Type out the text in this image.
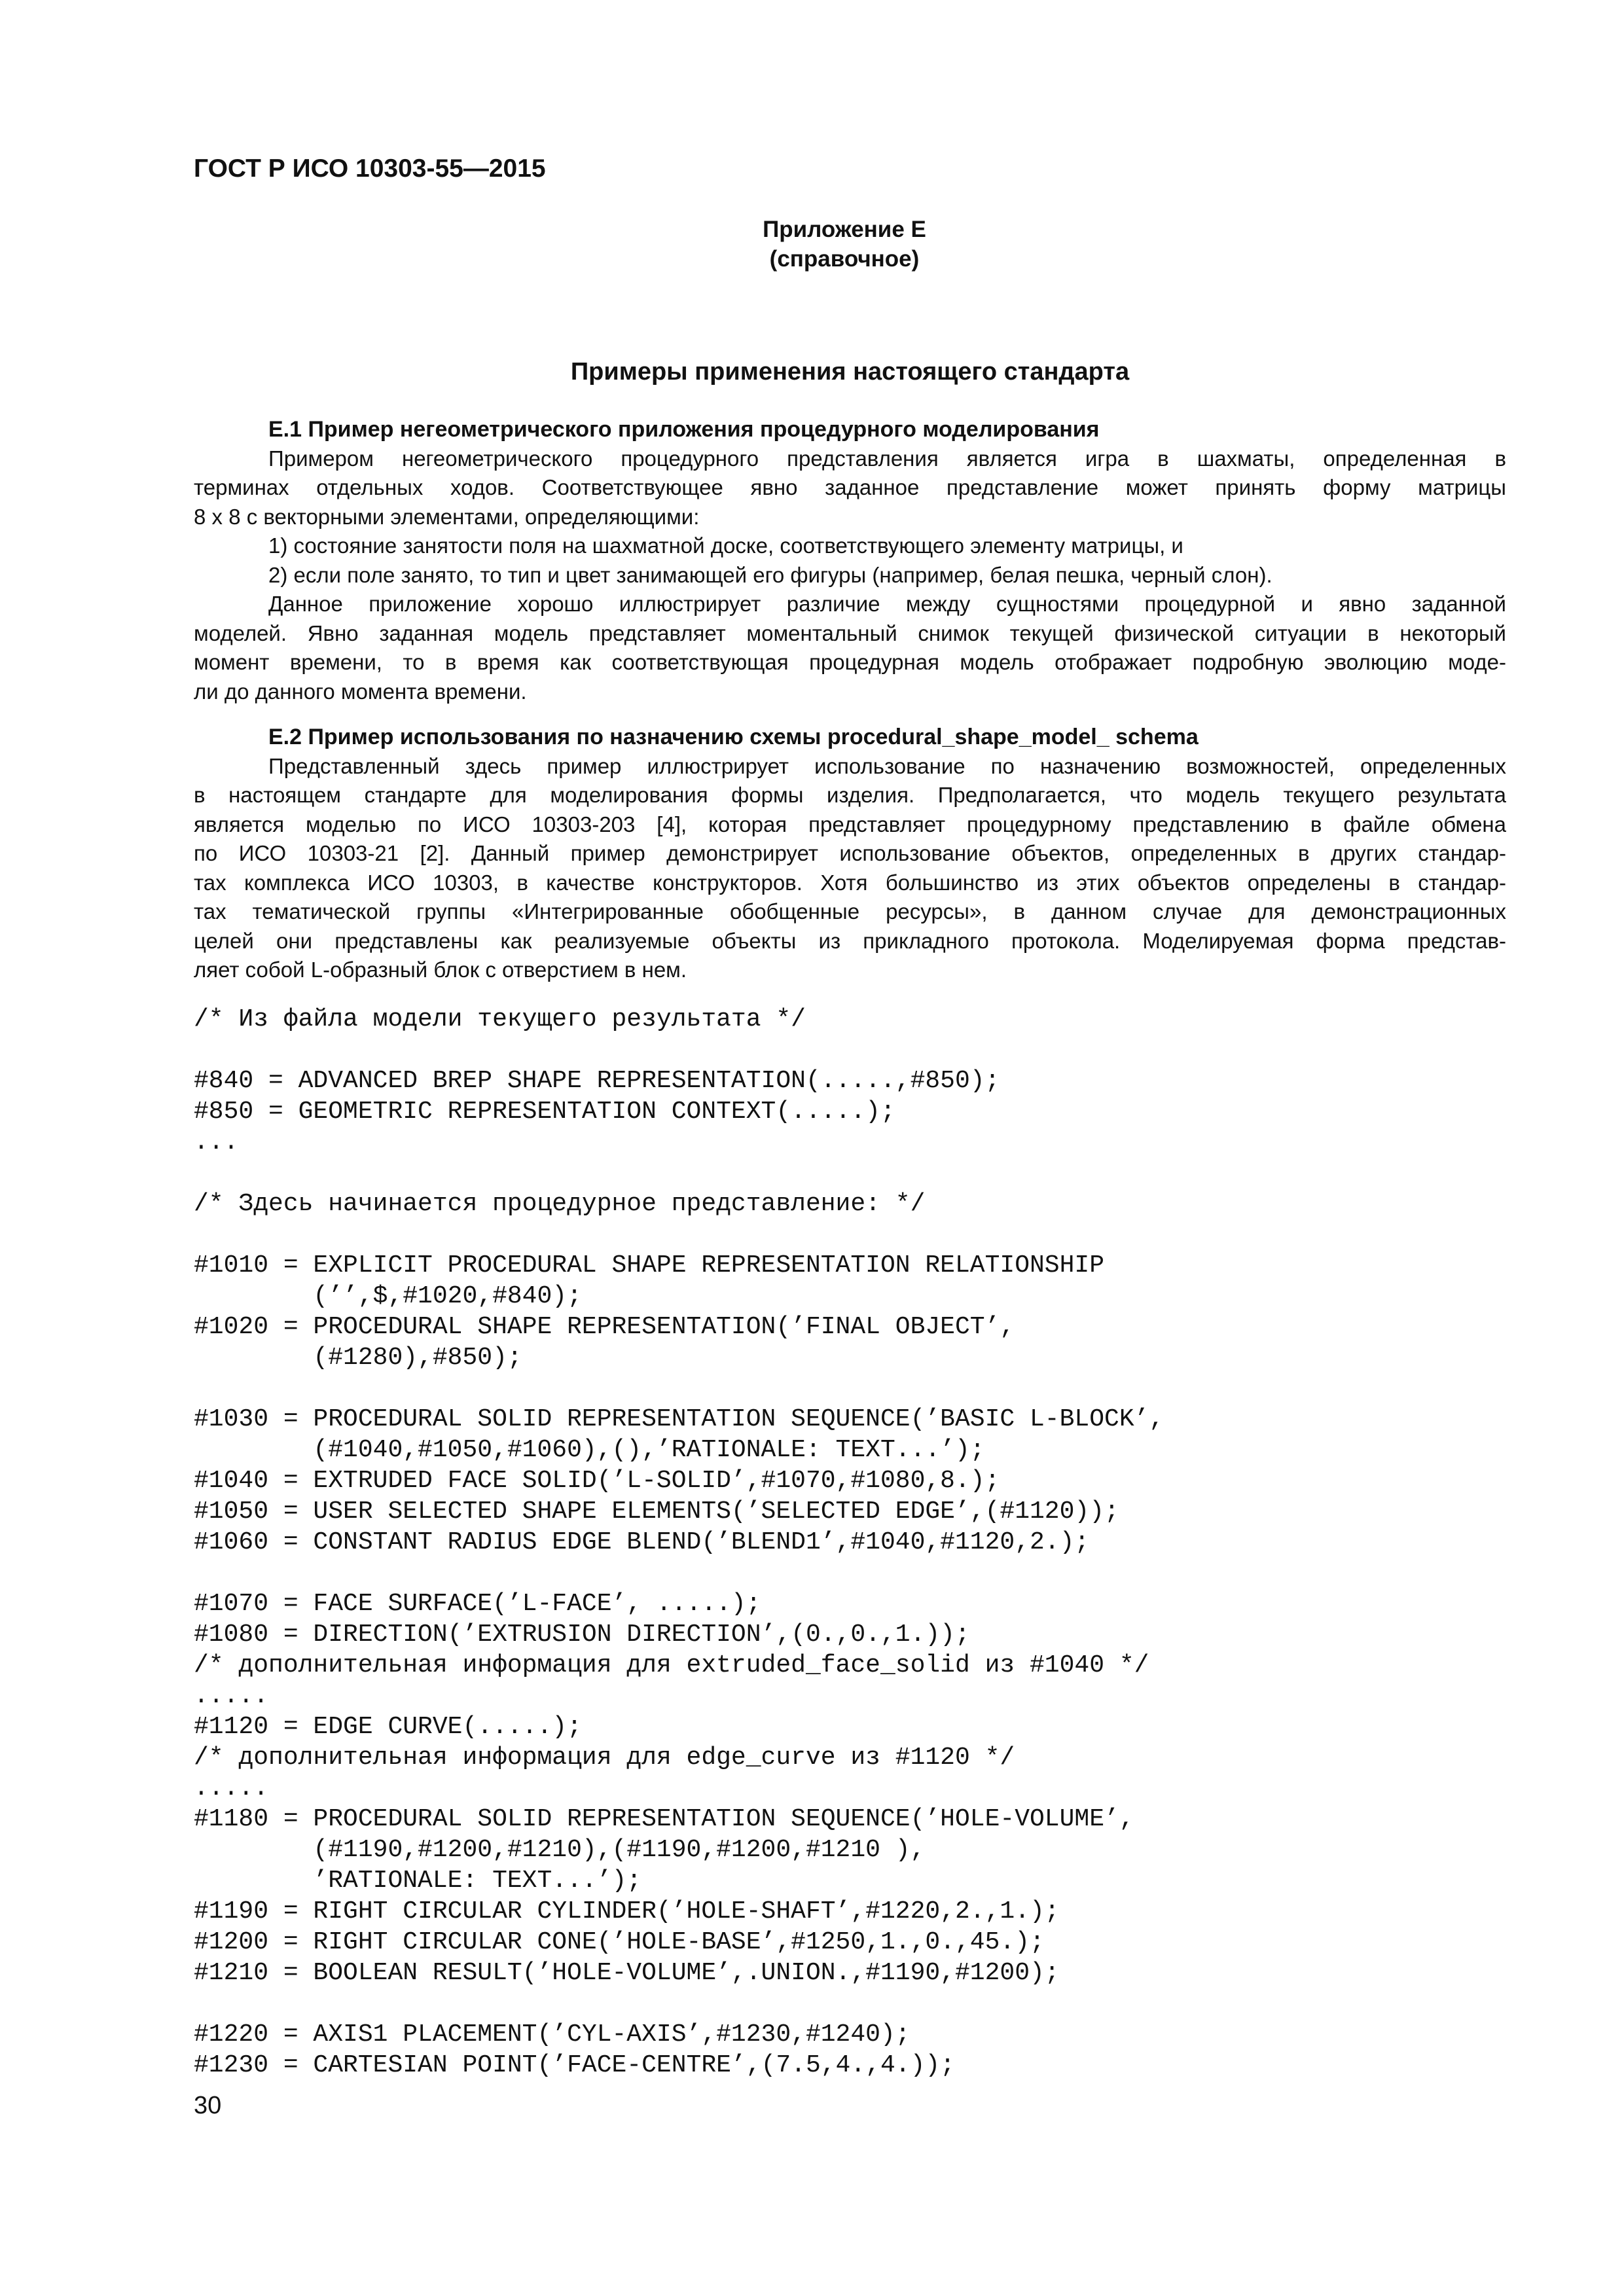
ГОСТ Р ИСО 10303-55—2015
Приложение Е
(справочное)
Примеры применения настоящего стандарта
Е.1 Пример негеометрического приложения процедурного моделирования

Примером негеометрического процедурного представления является игра в шахматы, определенная в

терминах отдельных ходов. Соответствующее явно заданное представление может принять форму матрицы

8 х 8 с векторными элементами, определяющими:

1) состояние занятости поля на шахматной доске, соответствующего элементу матрицы, и

2) если поле занято, то тип и цвет занимающей его фигуры (например, белая пешка, черный слон).

Данное приложение хорошо иллюстрирует различие между сущностями процедурной и явно заданной

моделей. Явно заданная модель представляет моментальный снимок текущей физической ситуации в некоторый

момент времени, то в время как соответствующая процедурная модель отображает подробную эволюцию моде-

ли до данного момента времени.

Е.2 Пример использования по назначению схемы procedural_shape_model_ schema

Представленный здесь пример иллюстрирует использование по назначению возможностей, определенных

в настоящем стандарте для моделирования формы изделия. Предполагается, что модель текущего результата

является моделью по ИСО 10303-203 [4], которая представляет процедурному представлению в файле обмена

по ИСО 10303-21 [2]. Данный пример демонстрирует использование объектов, определенных в других стандар-

тах комплекса ИСО 10303, в качестве конструкторов. Хотя большинство из этих объектов определены в стандар-

тах тематической группы «Интегрированные обобщенные ресурсы», в данном случае для демонстрационных

целей они представлены как реализуемые объекты из прикладного протокола. Моделируемая форма представ-

ляет собой L-образный блок с отверстием в нем.

/* Из файла модели текущего результата */
#840 = ADVANCED BREP SHAPE REPRESENTATION(.....,#850);
#850 = GEOMETRIC REPRESENTATION CONTEXT(.....);
...
/* Здесь начинается процедурное представление: */
#1010 = EXPLICIT PROCEDURAL SHAPE REPRESENTATION RELATIONSHIP
(’’,$,#1020,#840);
#1020 = PROCEDURAL SHAPE REPRESENTATION(’FINAL OBJECT’,
(#1280),#850);
#1030 = PROCEDURAL SOLID REPRESENTATION SEQUENCE(’BASIC L-BLOCK’,
(#1040,#1050,#1060),(),’RATIONALE: TEXT...’);
#1040 = EXTRUDED FACE SOLID(’L-SOLID’,#1070,#1080,8.);
#1050 = USER SELECTED SHAPE ELEMENTS(’SELECTED EDGE’,(#1120));
#1060 = CONSTANT RADIUS EDGE BLEND(’BLEND1’,#1040,#1120,2.);
#1070 = FACE SURFACE(’L-FACE’, .....);
#1080 = DIRECTION(’EXTRUSION DIRECTION’,(0.,0.,1.));
/* дополнительная информация для extruded_face_solid из #1040 */
.....
#1120 = EDGE CURVE(.....);
/* дополнительная информация для edge_curve из #1120 */
.....
#1180 = PROCEDURAL SOLID REPRESENTATION SEQUENCE(’HOLE-VOLUME’,
(#1190,#1200,#1210),(#1190,#1200,#1210 ),
’RATIONALE: TEXT...’);
#1190 = RIGHT CIRCULAR CYLINDER(’HOLE-SHAFT’,#1220,2.,1.);
#1200 = RIGHT CIRCULAR CONE(’HOLE-BASE’,#1250,1.,0.,45.);
#1210 = BOOLEAN RESULT(’HOLE-VOLUME’,.UNION.,#1190,#1200);
#1220 = AXIS1 PLACEMENT(’CYL-AXIS’,#1230,#1240);
#1230 = CARTESIAN POINT(’FACE-CENTRE’,(7.5,4.,4.));
30
